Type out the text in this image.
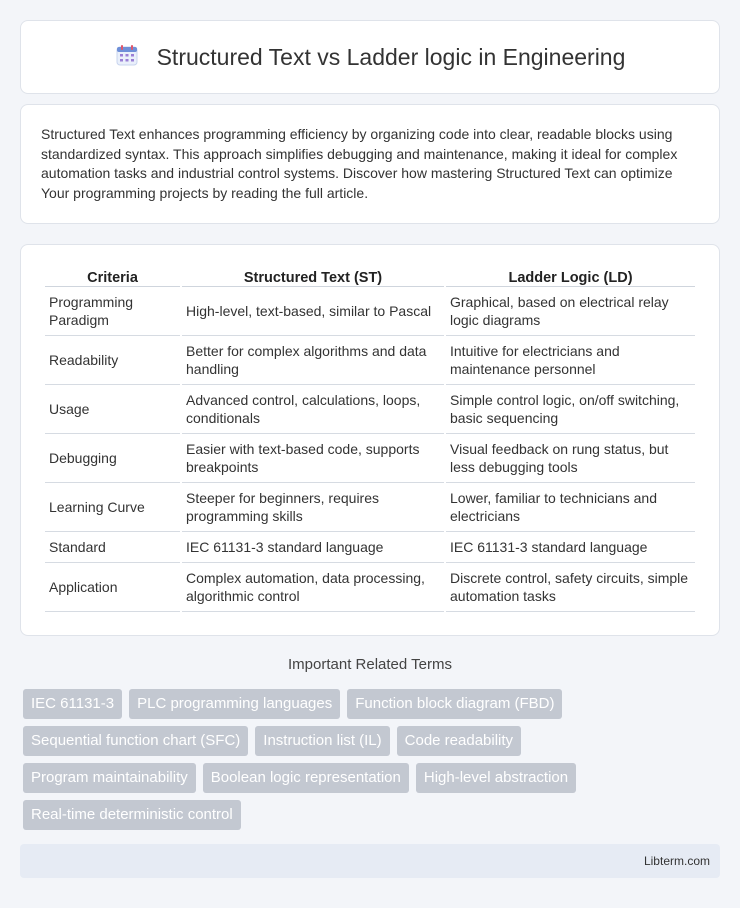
Structured Text vs Ladder logic in Engineering

Structured Text enhances programming efficiency by organizing code into clear, readable blocks using standardized syntax. This approach simplifies debugging and maintenance, making it ideal for complex automation tasks and industrial control systems. Discover how mastering Structured Text can optimize Your programming projects by reading the full article.

Criteria	Structured Text (ST)	Ladder Logic (LD)
Programming Paradigm	High-level, text-based, similar to Pascal	Graphical, based on electrical relay logic diagrams
Readability	Better for complex algorithms and data handling	Intuitive for electricians and maintenance personnel
Usage	Advanced control, calculations, loops, conditionals	Simple control logic, on/off switching, basic sequencing
Debugging	Easier with text-based code, supports breakpoints	Visual feedback on rung status, but less debugging tools
Learning Curve	Steeper for beginners, requires programming skills	Lower, familiar to technicians and electricians
Standard	IEC 61131-3 standard language	IEC 61131-3 standard language
Application	Complex automation, data processing, algorithmic control	Discrete control, safety circuits, simple automation tasks
Important Related Terms
IEC 61131-3	PLC programming languages	Function block diagram (FBD)
Sequential function chart (SFC)	Instruction list (IL)	Code readability
Program maintainability	Boolean logic representation	High-level abstraction
Real-time deterministic control
Libterm.com
